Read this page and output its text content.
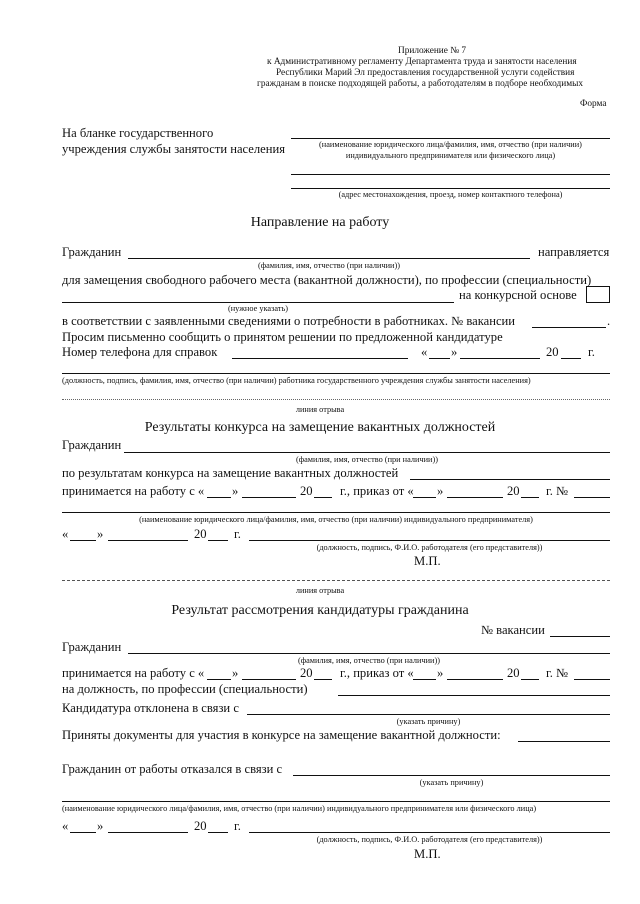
Приложение № 7
к Административному регламенту Департамента труда и занятости населения
Республики Марий Эл предоставления государственной услуги содействия
гражданам в поиске подходящей работы, а работодателям в подборе необходимых
Форма
На бланке государственного
учреждения службы занятости населения	(наименование юридического лица/фамилия, имя, отчество (при наличии)
индивидуального предпринимателя или физического лица)
(адрес местонахождения, проезд, номер контактного телефона)
Направление на работу
Гражданин	направляется
(фамилия, имя, отчество (при наличии))
для замещения свободного рабочего места (вакантной должности), по профессии (специальности)
на конкурсной основе
(нужное указать)
в соответствии с заявленными сведениями о потребности в работниках. № вакансии	.
Просим письменно сообщить о принятом решении по предложенной кандидатуре
Номер телефона для справок	« »	20 г.
(должность, подпись, фамилия, имя, отчество (при наличии) работника государственного учреждения службы занятости населения)
линия отрыва
Результаты конкурса на замещение вакантных должностей
Гражданин
(фамилия, имя, отчество (при наличии))
по результатам конкурса на замещение вакантных должностей
принимается на работу с « »	20 г., приказ от « »	20 г. №
(наименование юридического лица/фамилия, имя, отчество (при наличии) индивидуального предпринимателя)
« »	20 г.
(должность, подпись, Ф.И.О. работодателя (его представителя))
М.П.
линия отрыва
Результат рассмотрения кандидатуры гражданина
№ вакансии
Гражданин
(фамилия, имя, отчество (при наличии))
принимается на работу с « »	20 г., приказ от « »	20 г. №
на должность, по профессии (специальности)
Кандидатура отклонена в связи с
(указать причину)
Приняты документы для участия в конкурсе на замещение вакантной должности:
Гражданин от работы отказался в связи с
(указать причину)
(наименование юридического лица/фамилия, имя, отчество (при наличии) индивидуального предпринимателя или физического лица)
« »	20 г.
(должность, подпись, Ф.И.О. работодателя (его представителя))
М.П.
